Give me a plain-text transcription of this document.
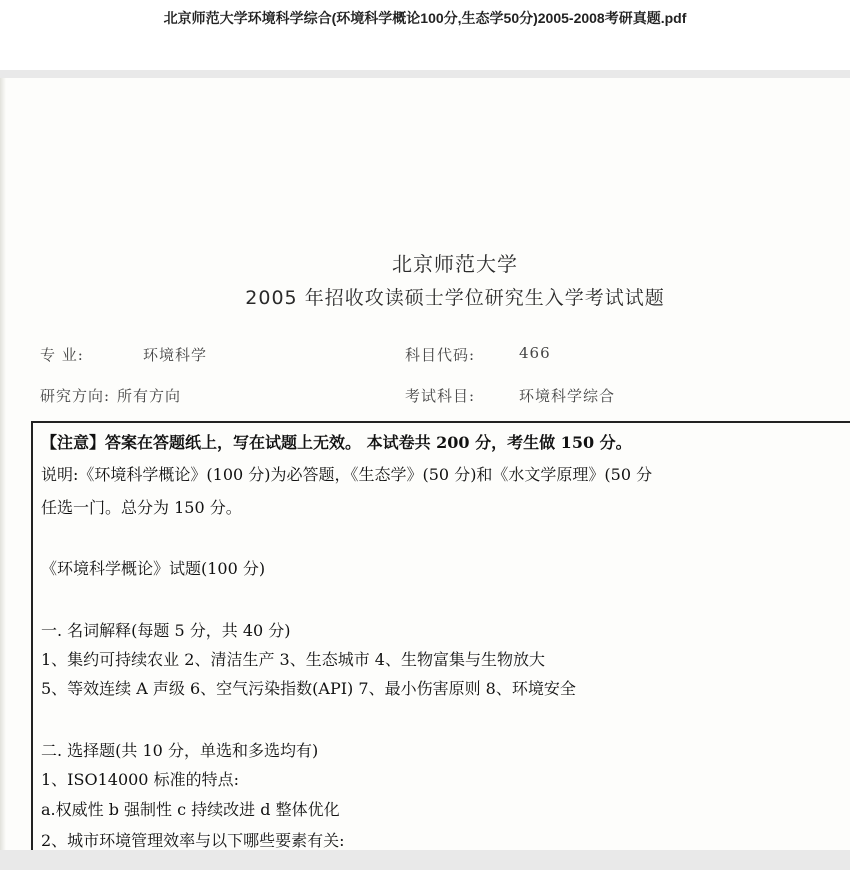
北京师范大学环境科学综合(环境科学概论100分,生态学50分)2005-2008考研真题.pdf
北京师范大学
2005 年招收攻读硕士学位研究生入学考试试题
专 业:	环境科学	科目代码:	466
研究方向: 所有方向	考试科目:	环境科学综合
【注意】答案在答题纸上，写在试题上无效。 本试卷共 200 分，考生做 150 分。
说明:《环境科学概论》(100 分)为必答题，《生态学》(50 分)和《水文学原理》(50 分
任选一门。总分为 150 分。
《环境科学概论》试题(100 分)
一. 名词解释(每题 5 分，共 40 分)
1、集约可持续农业 2、清洁生产 3、生态城市 4、生物富集与生物放大
5、等效连续 A 声级 6、空气污染指数(API) 7、最小伤害原则 8、环境安全
二. 选择题(共 10 分，单选和多选均有)
1、ISO14000 标准的特点:
a.权威性 b 强制性 c 持续改进 d 整体优化
2、城市环境管理效率与以下哪些要素有关:
